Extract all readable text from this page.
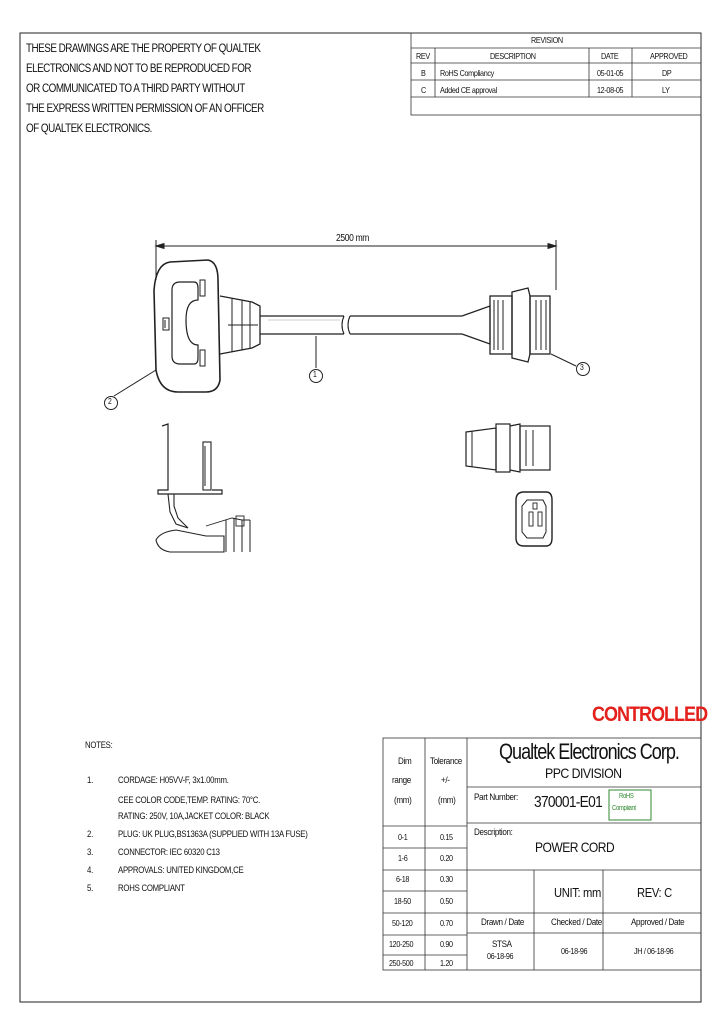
THESE DRAWINGS ARE THE PROPERTY OF QUALTEK
ELECTRONICS AND NOT TO BE REPRODUCED FOR
OR COMMUNICATED TO A THIRD PARTY WITHOUT
THE EXPRESS WRITTEN PERMISSION OF AN OFFICER
OF QUALTEK ELECTRONICS.
REVISION
REV	DESCRIPTION	DATE	APPROVED
B RoHS Compliancy	05-01-05	DP
C Added CE approval	12-08-05	LY
2500 mm
2
1
3
CONTROLLED
NOTES:
1.	CORDAGE: H05VV-F, 3x1.00mm.
CEE COLOR CODE,TEMP. RATING: 70°C.
RATING: 250V, 10A,JACKET COLOR: BLACK
2.	PLUG: UK PLUG,BS1363A (SUPPLIED WITH 13A FUSE)
3.	CONNECTOR: IEC 60320 C13
4.	APPROVALS: UNITED KINGDOM,CE
5.	ROHS COMPLIANT
Dim
range
(mm)
Tolerance
+/-
(mm)
0-1	0.15
1-6	0.20
6-18	0.30
18-50	0.50
50-120	0.70
120-250	0.90
250-500	1.20
Qualtek Electronics Corp.
PPC DIVISION
Part Number: 370001-E01 RoHS
Compliant
Description:
POWER CORD
UNIT: mm	REV: C
Drawn / Date	Checked / Date	Approved / Date
STSA
06-18-96	06-18-96	JH / 06-18-96
